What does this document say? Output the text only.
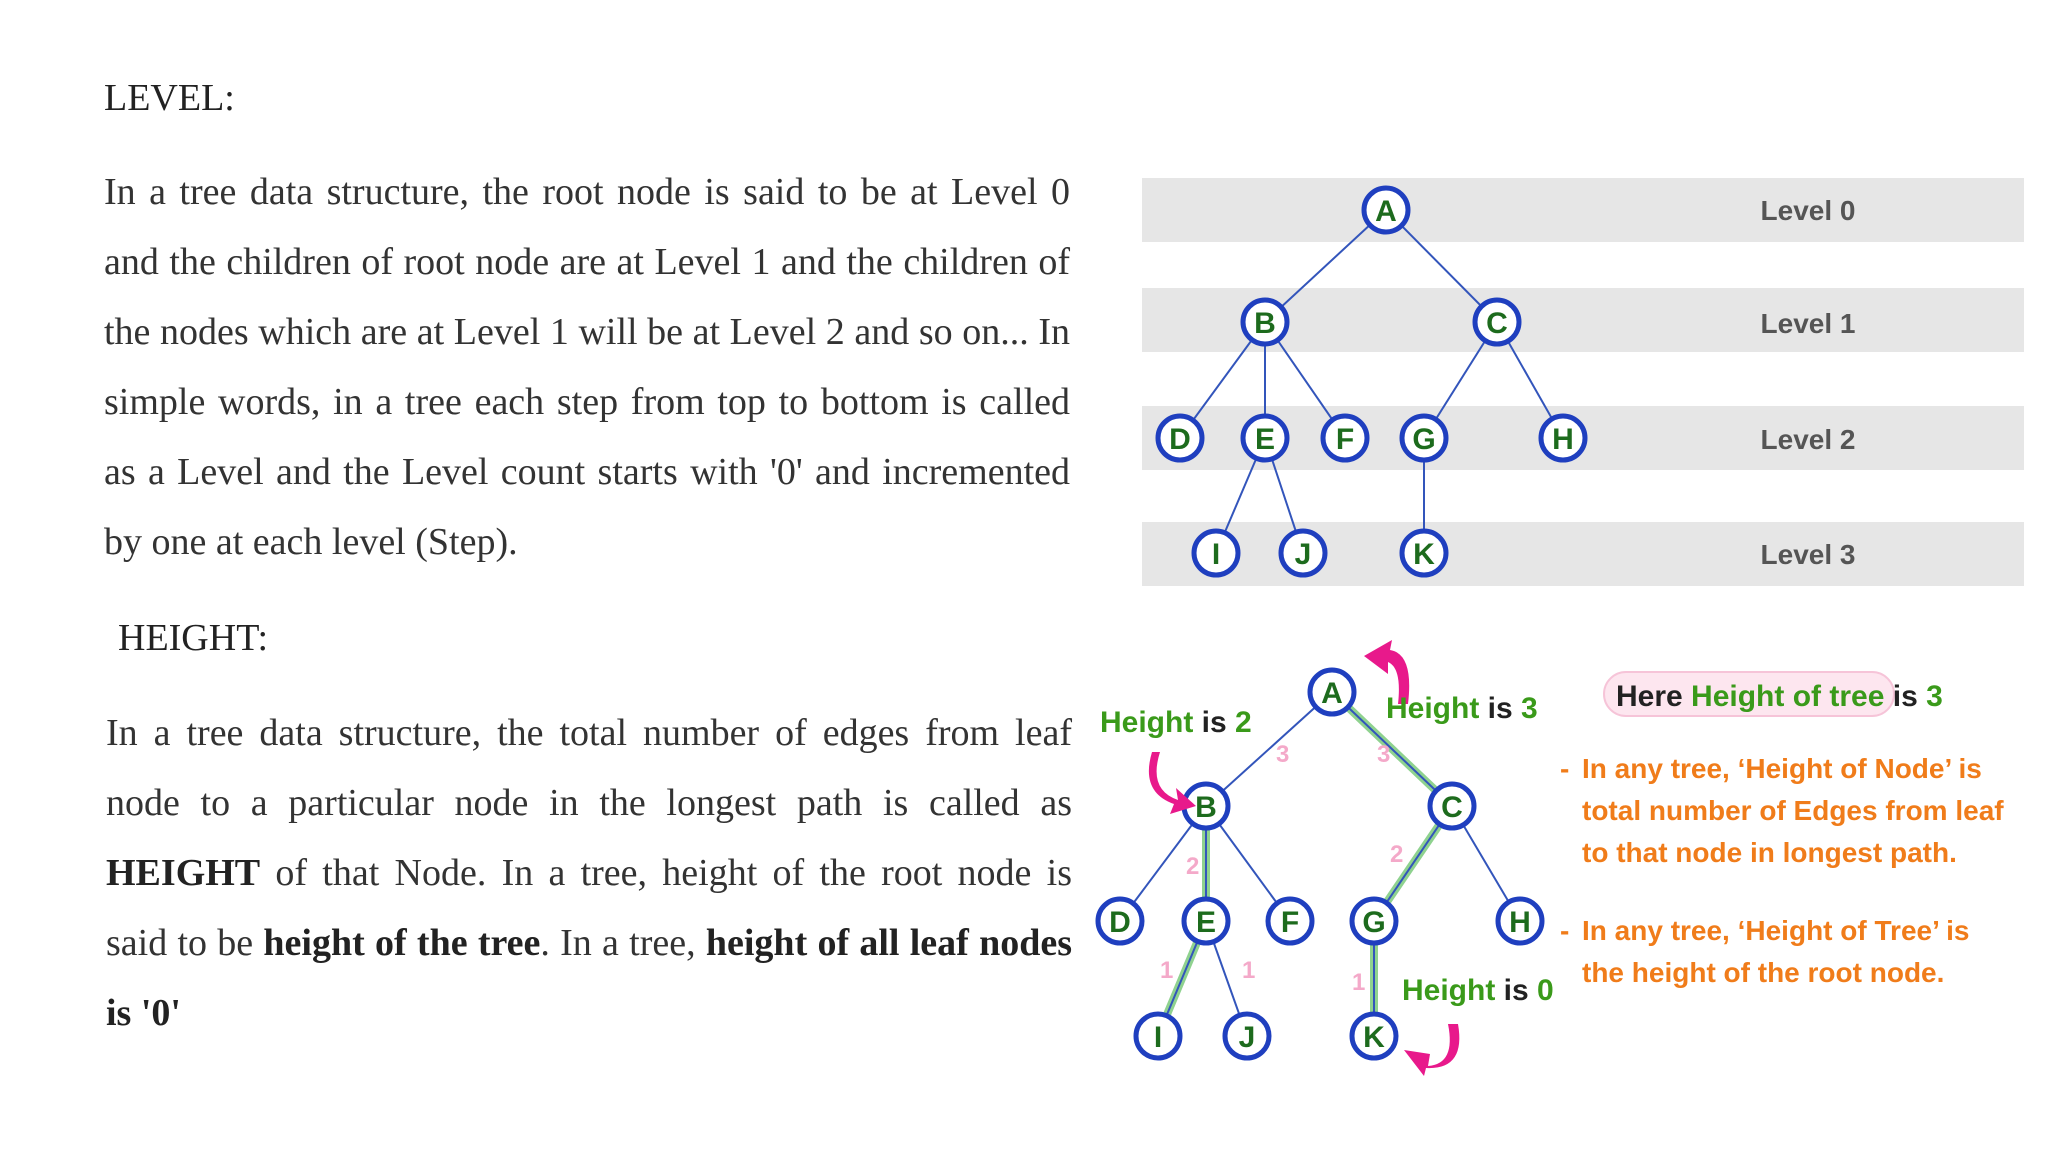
LEVEL:
In a tree data structure, the root node is said to be at Level 0 and the children of root node are at Level 1 and the children of the nodes which are at Level 1 will be at Level 2 and so on... In simple words, in a tree each step from top to bottom is called as a Level and the Level count starts with '0' and incremented by one at each level (Step).
HEIGHT:
In a tree data structure, the total number of edges from leaf node to a particular node in the longest path is called as HEIGHT of that Node. In a tree, height of the root node is said to be height of the tree. In a tree, height of all leaf nodes is '0'
Level 0
Level 1
Level 2
Level 3
A
B	C
D E F G	H
I J	K
3	3
2	2
1	1	1
A
B	C
D E F G	H
I	J	K
Height is 2	Height is 3
Height is 0
Here Height of tree is 3
- In any tree, ‘Height of Node’ is
total number of Edges from leaf
to that node in longest path.
- In any tree, ‘Height of Tree’ is
the height of the root node.
